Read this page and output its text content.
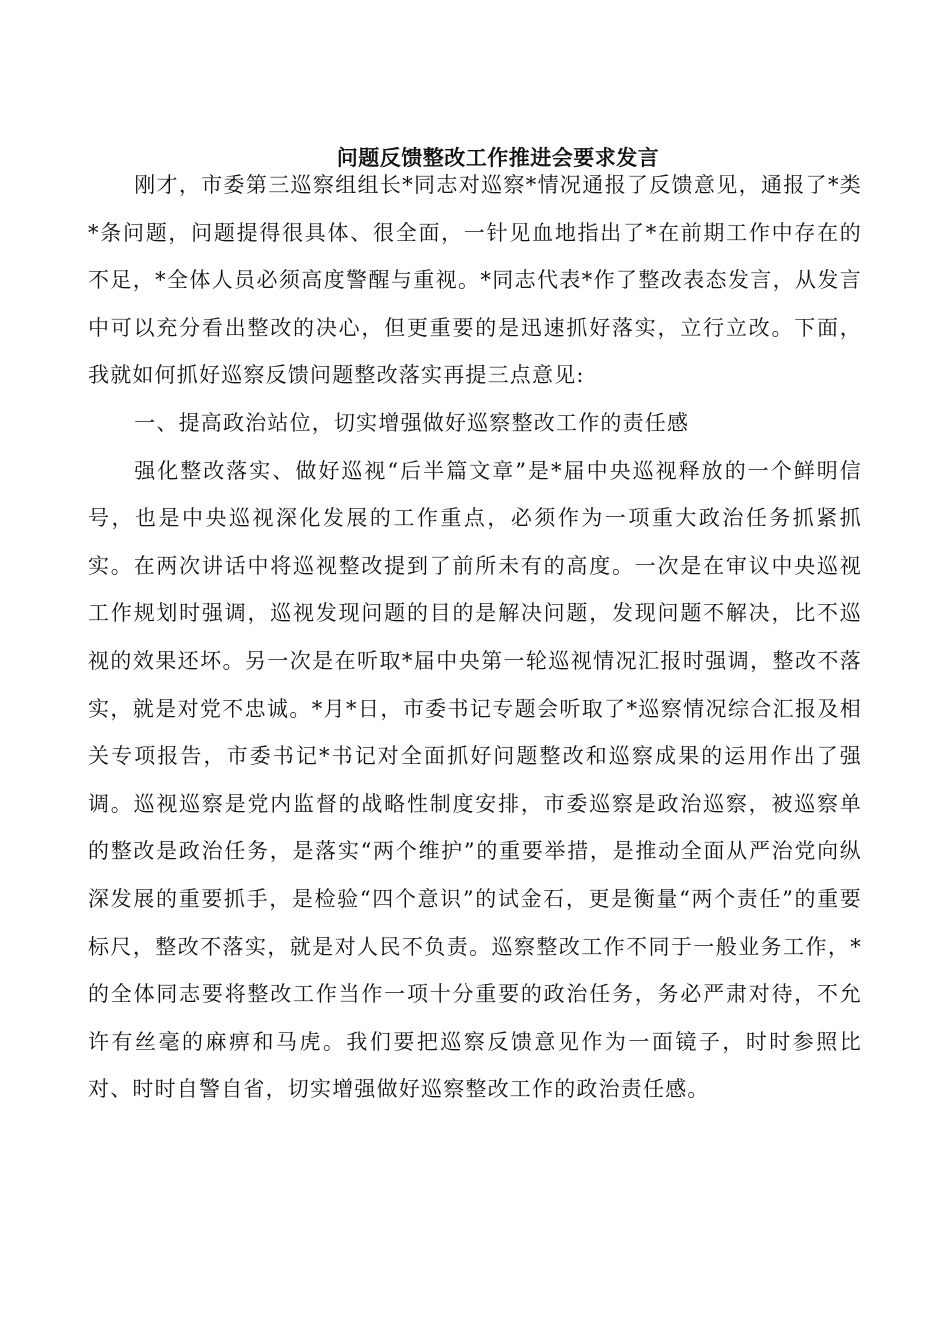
问题反馈整改工作推进会要求发言

刚才，市委第三巡察组组长*同志对巡察*情况通报了反馈意见，通报了*类*条问题，问题提得很具体、很全面，一针见血地指出了*在前期工作中存在的不足，*全体人员必须高度警醒与重视。*同志代表*作了整改表态发言，从发言中可以充分看出整改的决心，但更重要的是迅速抓好落实，立行立改。下面，我就如何抓好巡察反馈问题整改落实再提三点意见:

一、提高政治站位，切实增强做好巡察整改工作的责任感

强化整改落实、做好巡视“后半篇文章”是*届中央巡视释放的一个鲜明信号，也是中央巡视深化发展的工作重点，必须作为一项重大政治任务抓紧抓实。在两次讲话中将巡视整改提到了前所未有的高度。一次是在审议中央巡视工作规划时强调，巡视发现问题的目的是解决问题，发现问题不解决，比不巡视的效果还坏。另一次是在听取*届中央第一轮巡视情况汇报时强调，整改不落实，就是对党不忠诚。*月*日，市委书记专题会听取了*巡察情况综合汇报及相关专项报告，市委书记*书记对全面抓好问题整改和巡察成果的运用作出了强调。巡视巡察是党内监督的战略性制度安排，市委巡察是政治巡察，被巡察单的整改是政治任务，是落实“两个维护”的重要举措，是推动全面从严治党向纵深发展的重要抓手，是检验“四个意识”的试金石，更是衡量“两个责任”的重要标尺，整改不落实，就是对人民不负责。巡察整改工作不同于一般业务工作，*的全体同志要将整改工作当作一项十分重要的政治任务，务必严肃对待，不允许有丝毫的麻痹和马虎。我们要把巡察反馈意见作为一面镜子，时时参照比对、时时自警自省，切实增强做好巡察整改工作的政治责任感。
